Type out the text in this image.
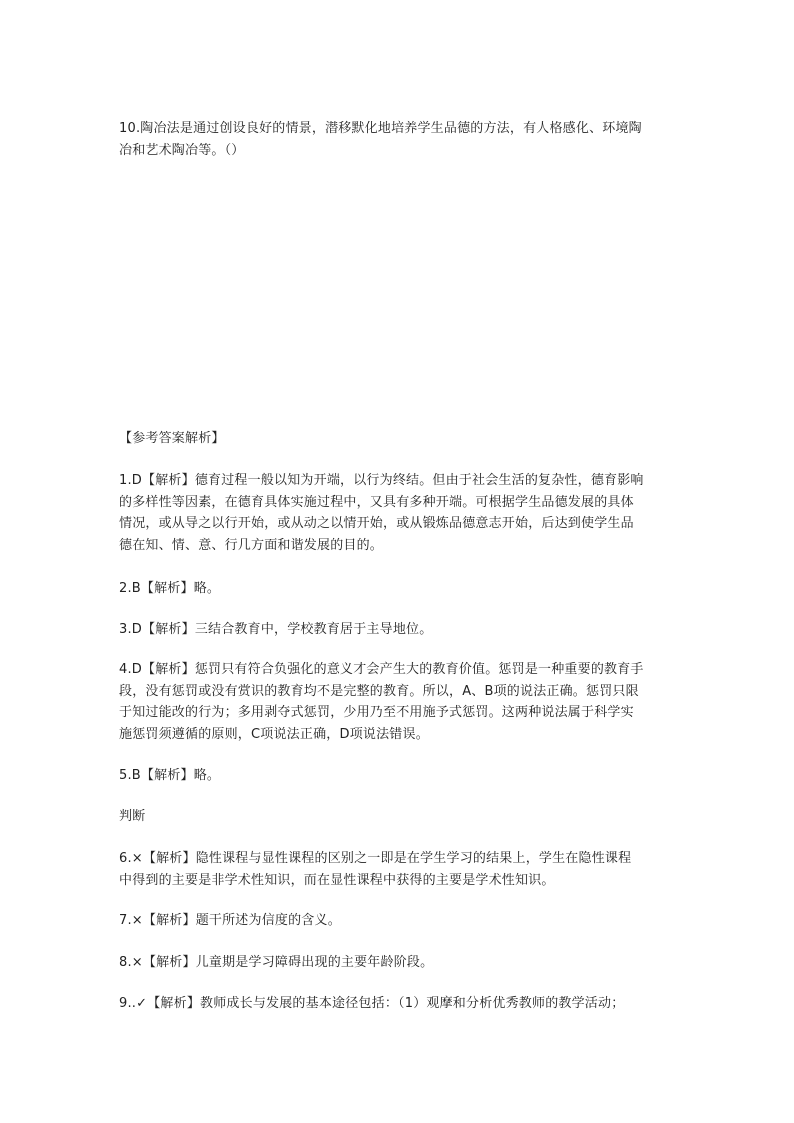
10.陶冶法是通过创设良好的情景，潜移默化地培养学生品德的方法，有人格感化、环境陶
冶和艺术陶冶等。（）

【参考答案解析】

1.D【解析】德育过程一般以知为开端，以行为终结。但由于社会生活的复杂性，德育影响
的多样性等因素，在德育具体实施过程中，又具有多种开端。可根据学生品德发展的具体
情况，或从导之以行开始，或从动之以情开始，或从锻炼品德意志开始，后达到使学生品
德在知、情、意、行几方面和谐发展的目的。

2.B【解析】略。

3.D【解析】三结合教育中，学校教育居于主导地位。

4.D【解析】惩罚只有符合负强化的意义才会产生大的教育价值。惩罚是一种重要的教育手
段，没有惩罚或没有赏识的教育均不是完整的教育。所以，A、B项的说法正确。惩罚只限
于知过能改的行为；多用剥夺式惩罚，少用乃至不用施予式惩罚。这两种说法属于科学实
施惩罚须遵循的原则，C项说法正确，D项说法错误。

5.B【解析】略。

判断

6.×【解析】隐性课程与显性课程的区别之一即是在学生学习的结果上，学生在隐性课程
中得到的主要是非学术性知识，而在显性课程中获得的主要是学术性知识。

7.×【解析】题干所述为信度的含义。

8.×【解析】儿童期是学习障碍出现的主要年龄阶段。

9..✓【解析】教师成长与发展的基本途径包括：（1）观摩和分析优秀教师的教学活动；
